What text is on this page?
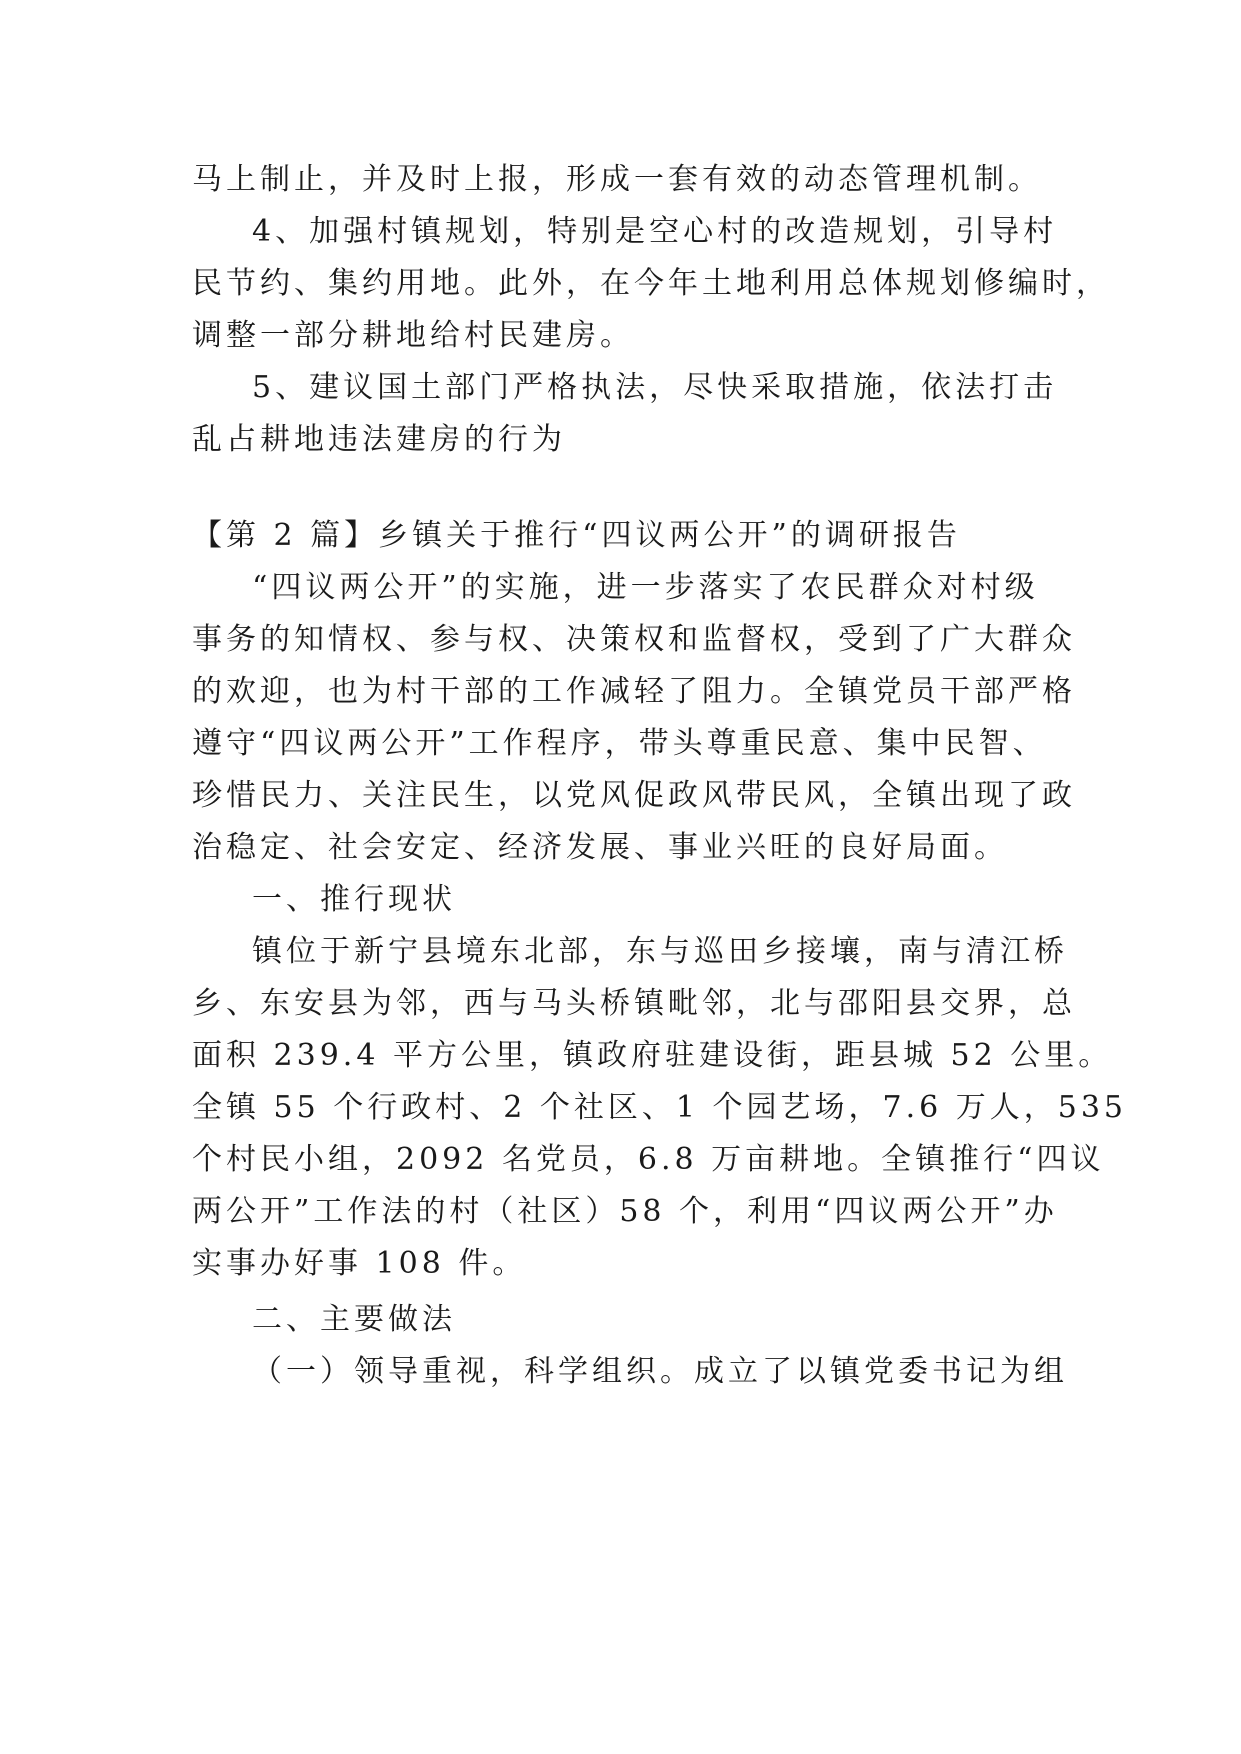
马上制止，并及时上报，形成一套有效的动态管理机制。
4、加强村镇规划，特别是空心村的改造规划，引导村
民节约、集约用地。此外，在今年土地利用总体规划修编时，
调整一部分耕地给村民建房。
5、建议国土部门严格执法，尽快采取措施，依法打击
乱占耕地违法建房的行为
【第 2 篇】乡镇关于推行“四议两公开”的调研报告
“四议两公开”的实施，进一步落实了农民群众对村级
事务的知情权、参与权、决策权和监督权，受到了广大群众
的欢迎，也为村干部的工作减轻了阻力。全镇党员干部严格
遵守“四议两公开”工作程序，带头尊重民意、集中民智、
珍惜民力、关注民生，以党风促政风带民风，全镇出现了政
治稳定、社会安定、经济发展、事业兴旺的良好局面。
一、推行现状
镇位于新宁县境东北部，东与巡田乡接壤，南与清江桥
乡、东安县为邻，西与马头桥镇毗邻，北与邵阳县交界，总
面积 239.4 平方公里，镇政府驻建设街，距县城 52 公里。
全镇 55 个行政村、2 个社区、1 个园艺场，7.6 万人，535
个村民小组，2092 名党员，6.8 万亩耕地。全镇推行“四议
两公开”工作法的村（社区）58 个，利用“四议两公开”办
实事办好事 108 件。
二、主要做法
（一）领导重视，科学组织。成立了以镇党委书记为组
